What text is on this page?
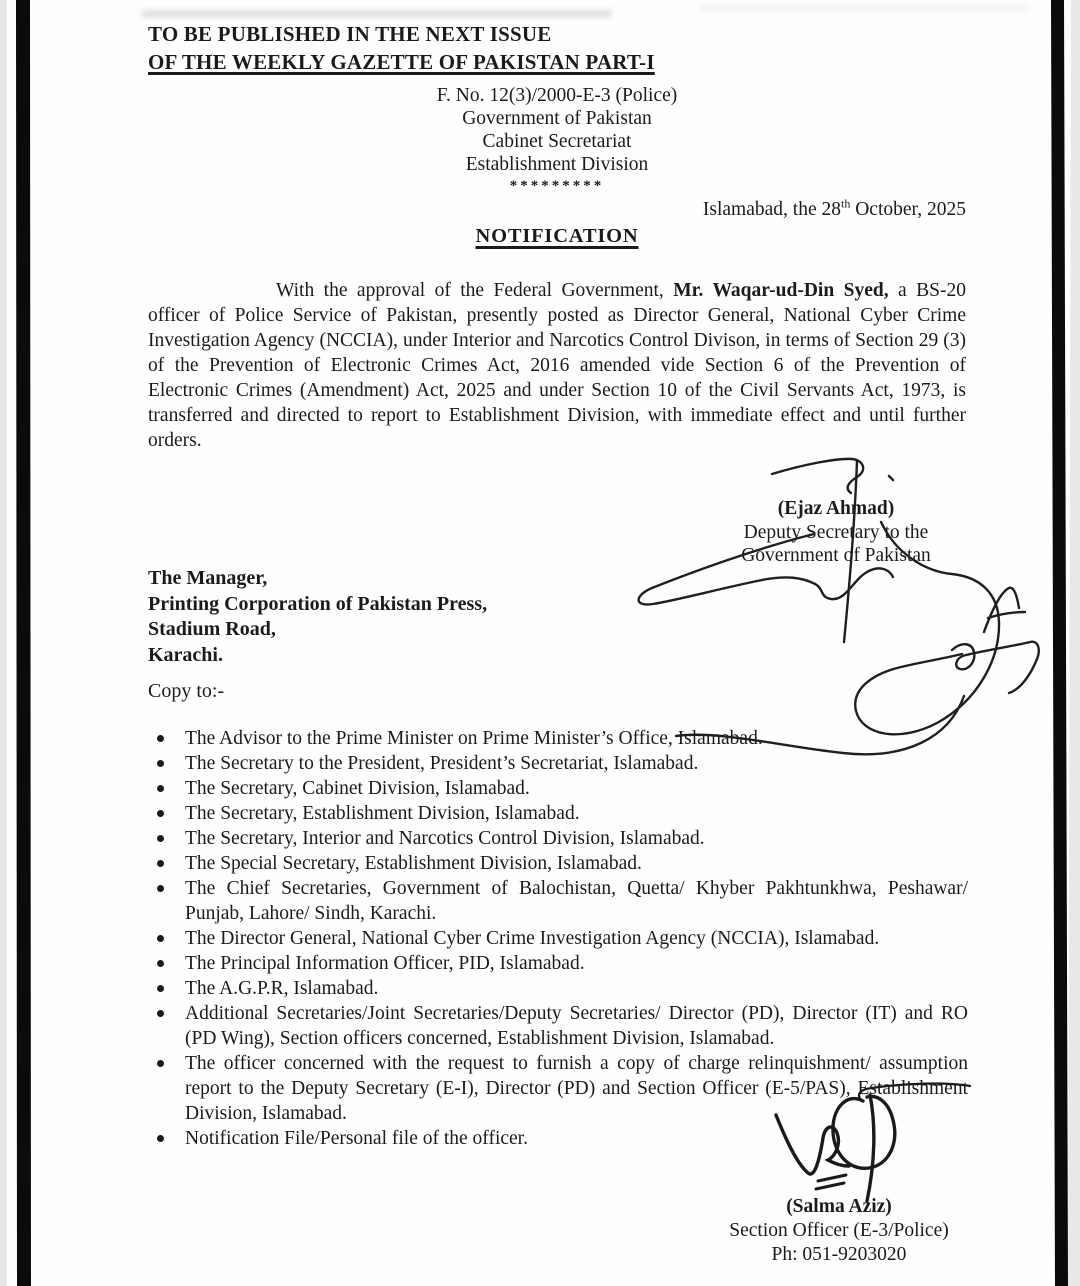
TO BE PUBLISHED IN THE NEXT ISSUE
OF THE WEEKLY GAZETTE OF PAKISTAN PART-I
F. No. 12(3)/2000-E-3 (Police)
Government of Pakistan
Cabinet Secretariat
Establishment Division
*********
Islamabad, the 28th October, 2025
NOTIFICATION

With the approval of the Federal Government, Mr. Waqar-ud-Din Syed, a BS-20 officer of Police Service of Pakistan, presently posted as Director General, National Cyber Crime Investigation Agency (NCCIA), under Interior and Narcotics Control Divison, in terms of Section 29 (3) of the Prevention of Electronic Crimes Act, 2016 amended vide Section 6 of the Prevention of Electronic Crimes (Amendment) Act, 2025 and under Section 10 of the Civil Servants Act, 1973, is transferred and directed to report to Establishment Division, with immediate effect and until further orders.

(Ejaz Ahmad)
Deputy Secretary to the
Government of Pakistan
The Manager,
Printing Corporation of Pakistan Press,
Stadium Road,
Karachi.
Copy to:-
The Advisor to the Prime Minister on Prime Minister’s Office, Islamabad.
The Secretary to the President, President’s Secretariat, Islamabad.
The Secretary, Cabinet Division, Islamabad.
The Secretary, Establishment Division, Islamabad.
The Secretary, Interior and Narcotics Control Division, Islamabad.
The Special Secretary, Establishment Division, Islamabad.
The Chief Secretaries, Government of Balochistan, Quetta/ Khyber Pakhtunkhwa, Peshawar/ Punjab, Lahore/ Sindh, Karachi.
The Director General, National Cyber Crime Investigation Agency (NCCIA), Islamabad.
The Principal Information Officer, PID, Islamabad.
The A.G.P.R, Islamabad.
Additional Secretaries/Joint Secretaries/Deputy Secretaries/ Director (PD), Director (IT) and RO (PD Wing), Section officers concerned, Establishment Division, Islamabad.
The officer concerned with the request to furnish a copy of charge relinquishment/ assumption report to the Deputy Secretary (E-I), Director (PD) and Section Officer (E-5/PAS), Establishment Division, Islamabad.
Notification File/Personal file of the officer.
(Salma Aziz)
Section Officer (E-3/Police)
Ph: 051-9203020
